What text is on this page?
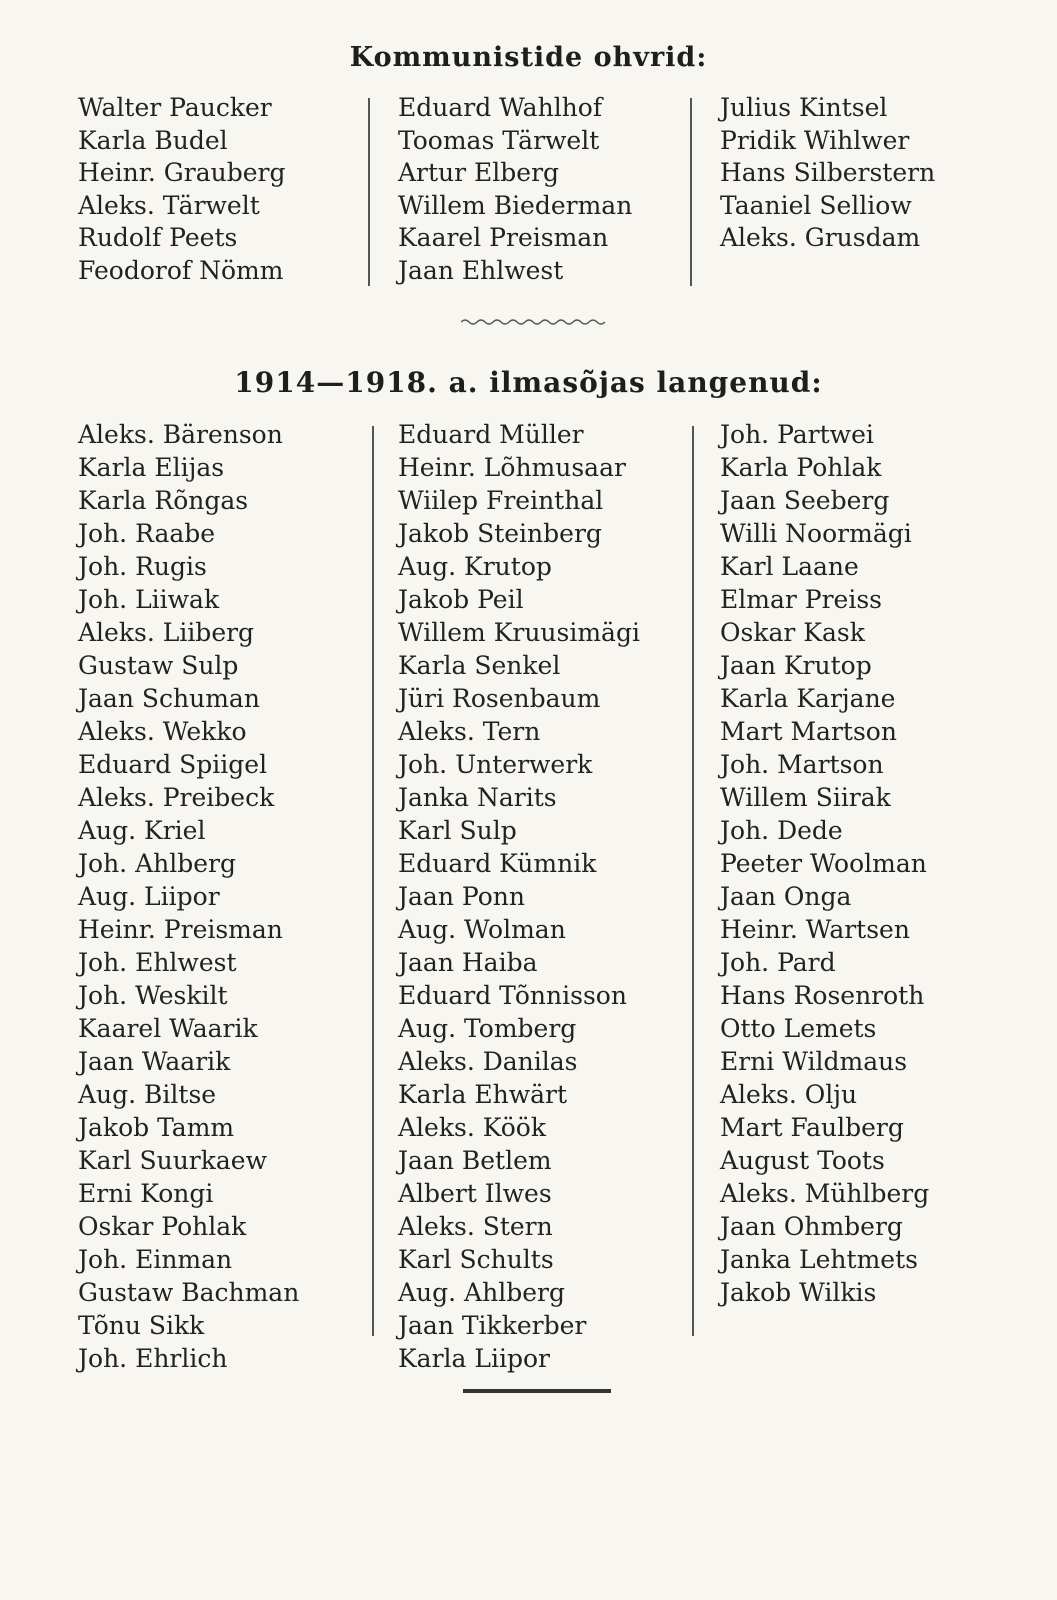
Kommunistide ohvrid:
Walter Paucker
Karla Budel
Heinr. Grauberg
Aleks. Tärwelt
Rudolf Peets
Feodorof Nömm
Eduard Wahlhof
Toomas Tärwelt
Artur Elberg
Willem Biederman
Kaarel Preisman
Jaan Ehlwest
Julius Kintsel
Pridik Wihlwer
Hans Silberstern
Taaniel Selliow
Aleks. Grusdam
1914—1918. a. ilmasõjas langenud:
Aleks. Bärenson
Karla Elijas
Karla Rõngas
Joh. Raabe
Joh. Rugis
Joh. Liiwak
Aleks. Liiberg
Gustaw Sulp
Jaan Schuman
Aleks. Wekko
Eduard Spiigel
Aleks. Preibeck
Aug. Kriel
Joh. Ahlberg
Aug. Liipor
Heinr. Preisman
Joh. Ehlwest
Joh. Weskilt
Kaarel Waarik
Jaan Waarik
Aug. Biltse
Jakob Tamm
Karl Suurkaew
Erni Kongi
Oskar Pohlak
Joh. Einman
Gustaw Bachman
Tõnu Sikk
Joh. Ehrlich
Eduard Müller
Heinr. Lõhmusaar
Wiilep Freinthal
Jakob Steinberg
Aug. Krutop
Jakob Peil
Willem Kruusimägi
Karla Senkel
Jüri Rosenbaum
Aleks. Tern
Joh. Unterwerk
Janka Narits
Karl Sulp
Eduard Kümnik
Jaan Ponn
Aug. Wolman
Jaan Haiba
Eduard Tõnnisson
Aug. Tomberg
Aleks. Danilas
Karla Ehwärt
Aleks. Köök
Jaan Betlem
Albert Ilwes
Aleks. Stern
Karl Schults
Aug. Ahlberg
Jaan Tikkerber
Karla Liipor
Joh. Partwei
Karla Pohlak
Jaan Seeberg
Willi Noormägi
Karl Laane
Elmar Preiss
Oskar Kask
Jaan Krutop
Karla Karjane
Mart Martson
Joh. Martson
Willem Siirak
Joh. Dede
Peeter Woolman
Jaan Onga
Heinr. Wartsen
Joh. Pard
Hans Rosenroth
Otto Lemets
Erni Wildmaus
Aleks. Olju
Mart Faulberg
August Toots
Aleks. Mühlberg
Jaan Ohmberg
Janka Lehtmets
Jakob Wilkis
